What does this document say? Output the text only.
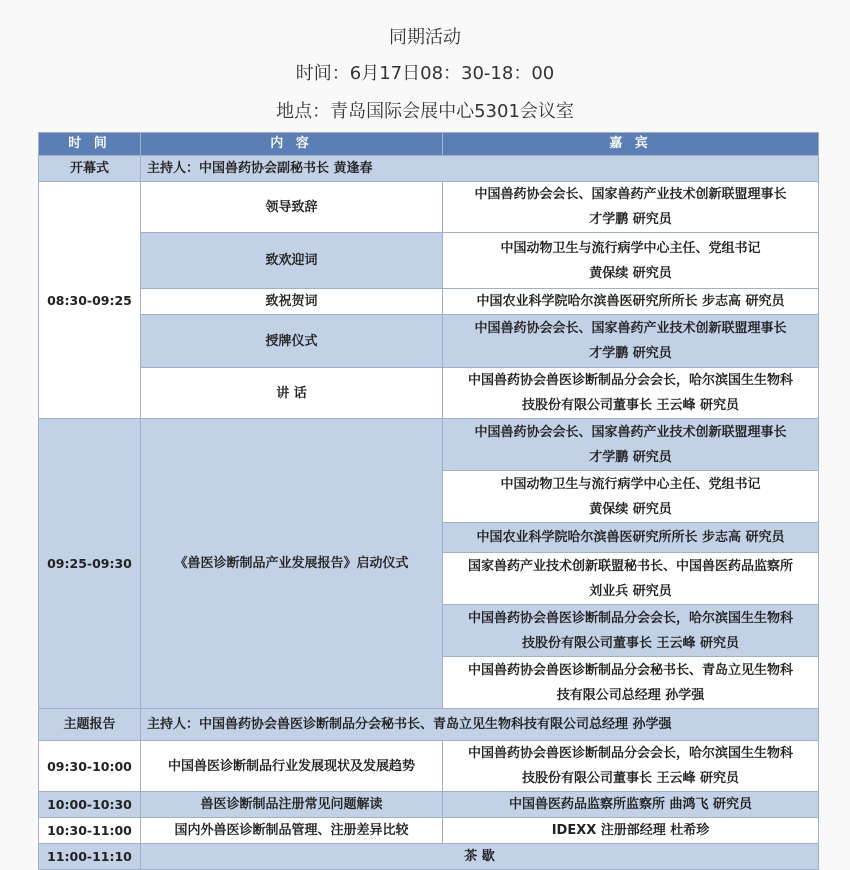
同期活动
时间：6月17日08：30-18：00
地点：青岛国际会展中心5301会议室
时 间	内 容	嘉 宾
开幕式	主持人：中国兽药协会副秘书长 黄逢春	
08:30-09:25	领导致辞	中国兽药协会会长、国家兽药产业技术创新联盟理事长
才学鹏 研究员

	致欢迎词	中国动物卫生与流行病学中心主任、党组书记
黄保续 研究员

	致祝贺词	中国农业科学院哈尔滨兽医研究所所长 步志高 研究员

	授牌仪式	中国兽药协会会长、国家兽药产业技术创新联盟理事长
才学鹏 研究员

	讲 话	中国兽药协会兽医诊断制品分会会长，哈尔滨国生生物科
技股份有限公司董事长 王云峰 研究员

09:25-09:30	《兽医诊断制品产业发展报告》启动仪式	中国兽药协会会长、国家兽药产业技术创新联盟理事长
才学鹏 研究员

		中国动物卫生与流行病学中心主任、党组书记
黄保续 研究员

		中国农业科学院哈尔滨兽医研究所所长 步志高 研究员

		国家兽药产业技术创新联盟秘书长、中国兽医药品监察所
刘业兵 研究员

		中国兽药协会兽医诊断制品分会会长，哈尔滨国生生物科
技股份有限公司董事长 王云峰 研究员

		中国兽药协会兽医诊断制品分会秘书长、青岛立见生物科
技有限公司总经理 孙学强

主题报告	主持人：中国兽药协会兽医诊断制品分会秘书长、青岛立见生物科技有限公司总经理 孙学强	
09:30-10:00	中国兽医诊断制品行业发展现状及发展趋势	中国兽药协会兽医诊断制品分会会长，哈尔滨国生生物科
技股份有限公司董事长 王云峰 研究员

10:00-10:30	兽医诊断制品注册常见问题解读	中国兽医药品监察所监察所 曲鸿飞 研究员
10:30-11:00	国内外兽医诊断制品管理、注册差异比较	IDEXX 注册部经理 杜希珍
11:00-11:10	茶 歇	
